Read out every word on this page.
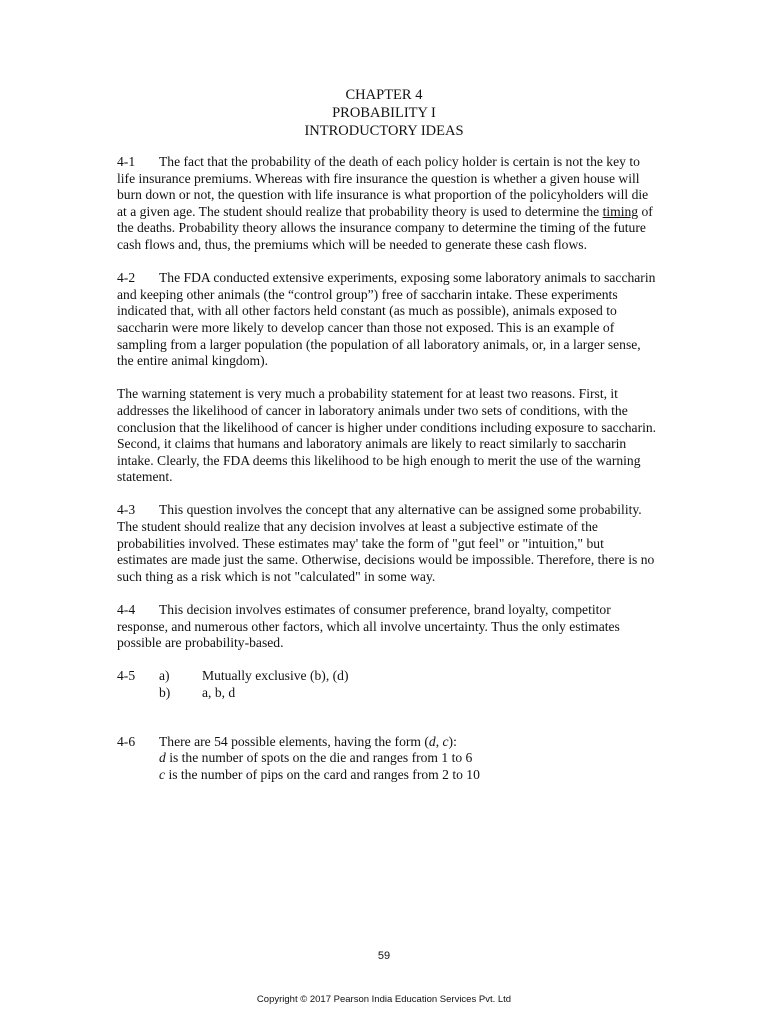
CHAPTER 4
PROBABILITY I
INTRODUCTORY IDEAS

4-1 The fact that the probability of the death of each policy holder is certain is not the key to life insurance premiums. Whereas with fire insurance the question is whether a given house will burn down or not, the question with life insurance is what proportion of the policyholders will die at a given age. The student should realize that probability theory is used to determine the timing of the deaths. Probability theory allows the insurance company to determine the timing of the future cash flows and, thus, the premiums which will be needed to generate these cash flows.

4-2 The FDA conducted extensive experiments, exposing some laboratory animals to saccharin and keeping other animals (the “control group”) free of saccharin intake. These experiments indicated that, with all other factors held constant (as much as possible), animals exposed to saccharin were more likely to develop cancer than those not exposed. This is an example of sampling from a larger population (the population of all laboratory animals, or, in a larger sense, the entire animal kingdom).

The warning statement is very much a probability statement for at least two reasons. First, it addresses the likelihood of cancer in laboratory animals under two sets of conditions, with the conclusion that the likelihood of cancer is higher under conditions including exposure to saccharin. Second, it claims that humans and laboratory animals are likely to react similarly to saccharin intake. Clearly, the FDA deems this likelihood to be high enough to merit the use of the warning statement.

4-3 This question involves the concept that any alternative can be assigned some probability. The student should realize that any decision involves at least a subjective estimate of the probabilities involved. These estimates may' take the form of "gut feel" or "intuition," but estimates are made just the same. Otherwise, decisions would be impossible. Therefore, there is no such thing as a risk which is not "calculated" in some way.

4-4 This decision involves estimates of consumer preference, brand loyalty, competitor response, and numerous other factors, which all involve uncertainty. Thus the only estimates possible are probability-based.

4-5 a) Mutually exclusive (b), (d)
b) a, b, d
4-6 There are 54 possible elements, having the form (d, c):
d is the number of spots on the die and ranges from 1 to 6
c is the number of pips on the card and ranges from 2 to 10
59
Copyright © 2017 Pearson India Education Services Pvt. Ltd
